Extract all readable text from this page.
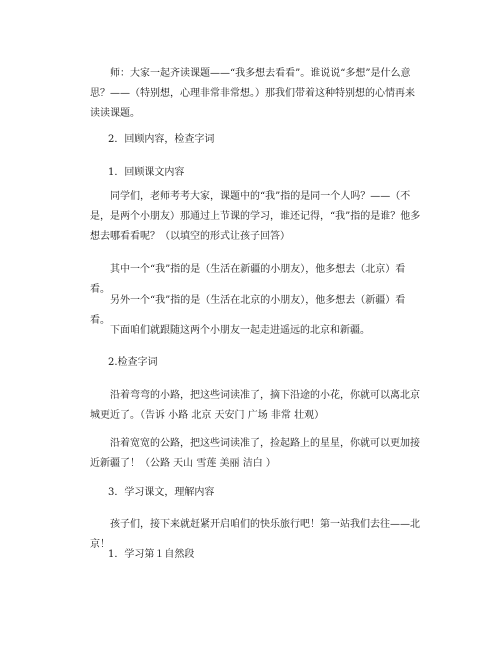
师：大家一起齐读课题——“我多想去看看”。谁说说“多想”是什么意思？——（特别想，心理非常非常想。）那我们带着这种特别想的心情再来读读课题。

2．回顾内容，检查字词

1．回顾课文内容

同学们，老师考考大家，课题中的“我”指的是同一个人吗？——（不是，是两个小朋友）那通过上节课的学习，谁还记得，“我”指的是谁？他多想去哪看看呢？（以填空的形式让孩子回答）

其中一个“我”指的是（生活在新疆的小朋友），他多想去（北京）看看。

另外一个“我”指的是（生活在北京的小朋友），他多想去（新疆）看看。

下面咱们就跟随这两个小朋友一起走进遥远的北京和新疆。

2.检查字词

沿着弯弯的小路，把这些词读准了，摘下沿途的小花，你就可以离北京城更近了。（告诉 小路 北京 天安门 广场 非常 壮观）

沿着宽宽的公路，把这些词读准了，捡起路上的星星，你就可以更加接近新疆了！（公路 天山 雪莲 美丽 洁白 ）

3．学习课文，理解内容

孩子们，接下来就赶紧开启咱们的快乐旅行吧！第一站我们去往——北京！

1．学习第１自然段
